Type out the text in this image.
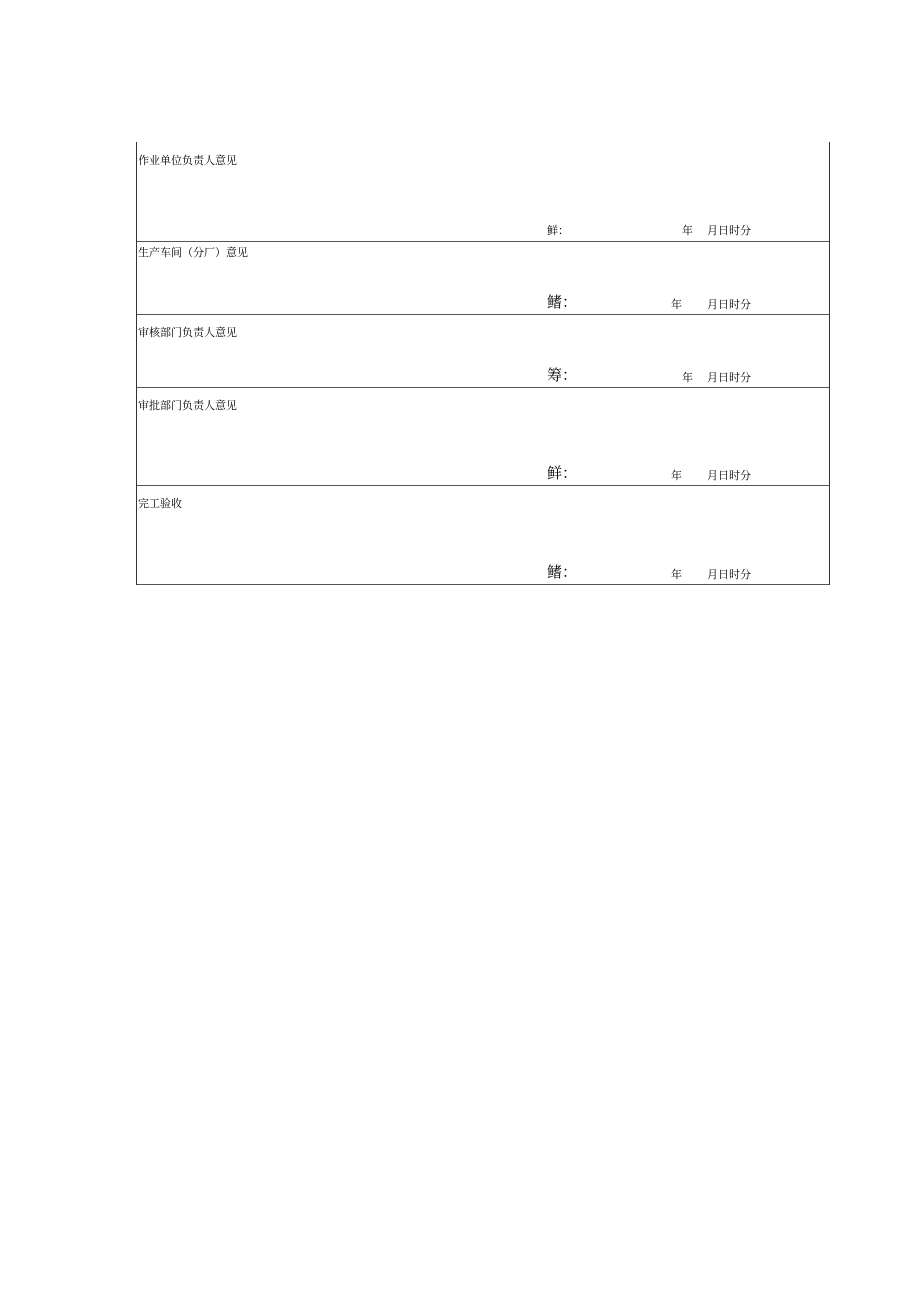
作业单位负责人意见
鲜：	年 月日时分
生产车间（分厂）意见
鳍：	年 月日时分
审核部门负责人意见
筹：	年 月日时分
审批部门负责人意见
鲜：	年 月日时分
完工验收
鳍：	年 月日时分
